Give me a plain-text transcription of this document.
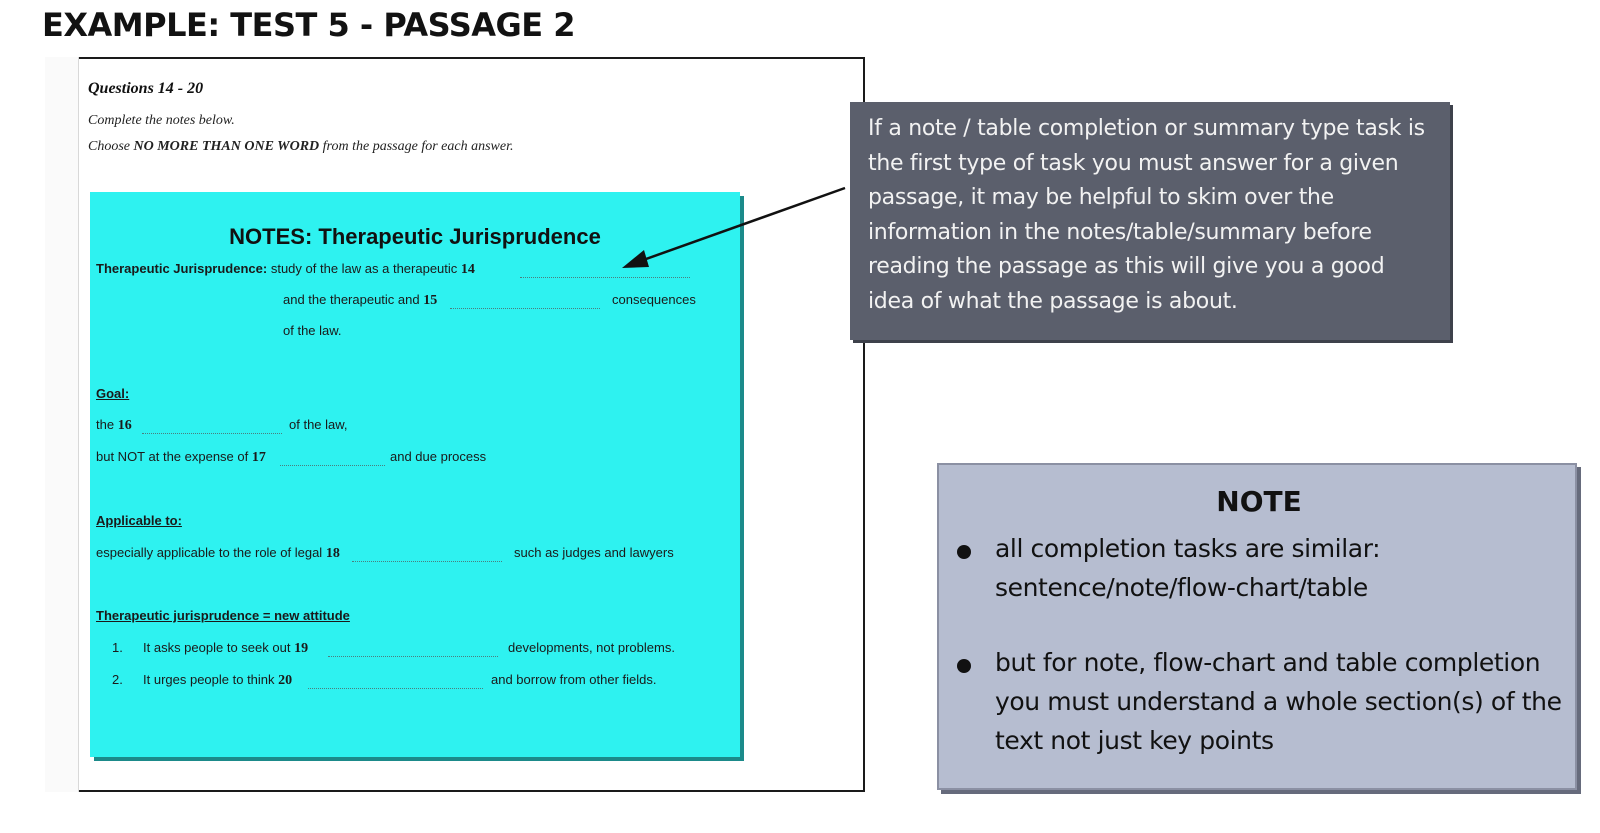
EXAMPLE: TEST 5 - PASSAGE 2
Questions 14 - 20
Complete the notes below.
Choose NO MORE THAN ONE WORD from the passage for each answer.
NOTES: Therapeutic Jurisprudence
Therapeutic Jurisprudence: study of the law as a therapeutic 14
and the therapeutic and 15	consequences
of the law.
Goal:
the 16	of the law,
but NOT at the expense of 17	and due process
Applicable to:
especially applicable to the role of legal 18	such as judges and lawyers
Therapeutic jurisprudence = new attitude
1. It asks people to seek out 19	developments, not problems.
2. It urges people to think 20	and borrow from other fields.
If a note / table completion or summary type task is the first type of task you must answer for a given passage, it may be helpful to skim over the information in the notes/table/summary before reading the passage as this will give you a good idea of what the passage is about.
NOTE
all completion tasks are similar: sentence/note/flow-chart/table
but for note, flow-chart and table completion you must understand a whole section(s) of the text not just key points
